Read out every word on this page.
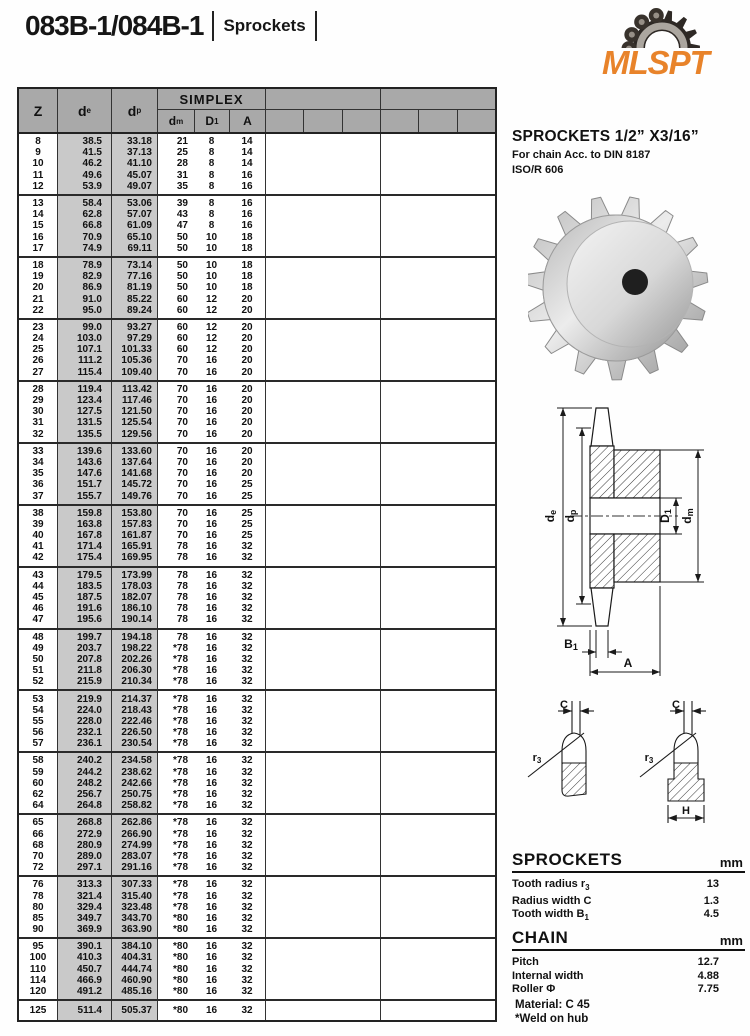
083B-1/084B-1 Sprockets
MLSPT
Z	d e	d p
SIMPLEX
d m D 1 A
8	38.5	33.18	21	8	14
9	41.5	37.13	25	8	14
10	46.2	41.10	28	8	14
11	49.6	45.07	31	8	16
12	53.9	49.07	35	8	16
13	58.4	53.06	39	8	16
14	62.8	57.07	43	8	16
15	66.8	61.09	47	8	16
16	70.9	65.10	50	10	18
17	74.9	69.11	50	10	18
18	78.9	73.14	50	10	18
19	82.9	77.16	50	10	18
20	86.9	81.19	50	10	18
21	91.0	85.22	60	12	20
22	95.0	89.24	60	12	20
23	99.0	93.27	60	12	20
24	103.0	97.29	60	12	20
25	107.1	101.33	60	12	20
26	111.2	105.36	70	16	20
27	115.4	109.40	70	16	20
28	119.4	113.42	70	16	20
29	123.4	117.46	70	16	20
30	127.5	121.50	70	16	20
31	131.5	125.54	70	16	20
32	135.5	129.56	70	16	20
33	139.6	133.60	70	16	20
34	143.6	137.64	70	16	20
35	147.6	141.68	70	16	20
36	151.7	145.72	70	16	25
37	155.7	149.76	70	16	25
38	159.8	153.80	70	16	25
39	163.8	157.83	70	16	25
40	167.8	161.87	70	16	25
41	171.4	165.91	78	16	32
42	175.4	169.95	78	16	32
43	179.5	173.99	78	16	32
44	183.5	178.03	78	16	32
45	187.5	182.07	78	16	32
46	191.6	186.10	78	16	32
47	195.6	190.14	78	16	32
48	199.7	194.18	78	16	32
49	203.7	198.22	*78	16	32
50	207.8	202.26	*78	16	32
51	211.8	206.30	*78	16	32
52	215.9	210.34	*78	16	32
53	219.9	214.37	*78	16	32
54	224.0	218.43	*78	16	32
55	228.0	222.46	*78	16	32
56	232.1	226.50	*78	16	32
57	236.1	230.54	*78	16	32
58	240.2	234.58	*78	16	32
59	244.2	238.62	*78	16	32
60	248.2	242.66	*78	16	32
62	256.7	250.75	*78	16	32
64	264.8	258.82	*78	16	32
65	268.8	262.86	*78	16	32
66	272.9	266.90	*78	16	32
68	280.9	274.99	*78	16	32
70	289.0	283.07	*78	16	32
72	297.1	291.16	*78	16	32
76	313.3	307.33	*78	16	32
78	321.4	315.40	*78	16	32
80	329.4	323.48	*78	16	32
85	349.7	343.70	*80	16	32
90	369.9	363.90	*80	16	32
95	390.1	384.10	*80	16	32
100	410.3	404.31	*80	16	32
110	450.7	444.74	*80	16	32
114	466.9	460.90	*80	16	32
120	491.2	485.16	*80	16	32
125	511.4	505.37	*80	16	32
SPROCKETS 1/2” X3/16”
For chain Acc. to DIN 8187
ISO/R 606
de
dp
D1
dm
B1
A
C
r3
C
r3
H
SPROCKETS	mm
Tooth radius $r_3$	13
Radius width C	1.3
Tooth width $B_1$	4.5
CHAIN	mm
Pitch	12.7
Internal width	4.88
Roller Φ	7.75
Material: C 45
*Weld on hub
